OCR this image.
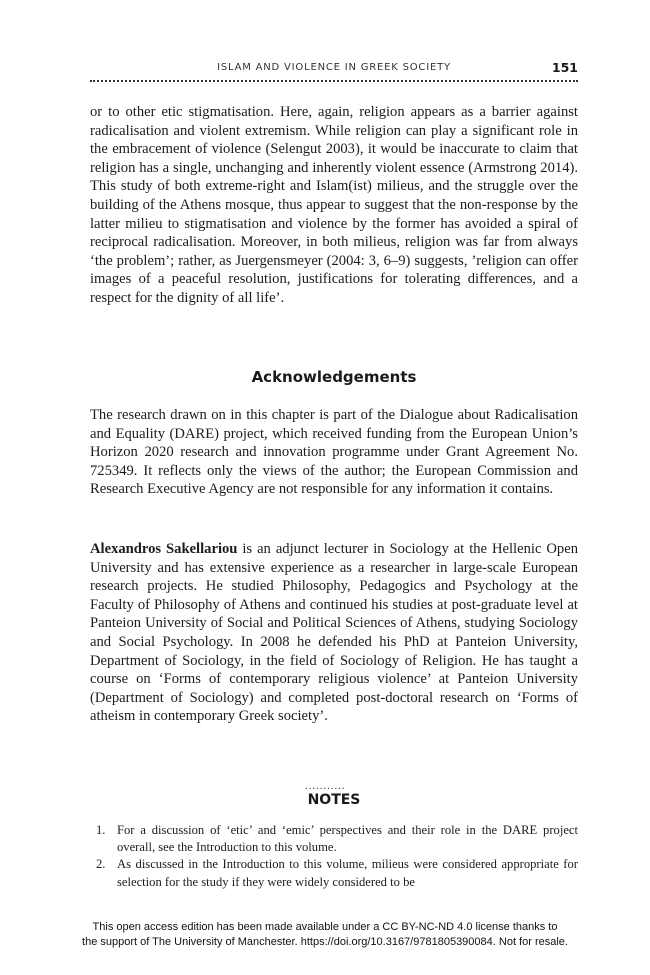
ISLAM AND VIOLENCE IN GREEK SOCIETY	151

or to other etic stigmatisation. Here, again, religion appears as a barrier against radicalisation and violent extremism. While religion can play a significant role in the embracement of violence (Selengut 2003), it would be inaccurate to claim that religion has a single, unchanging and inherently violent essence (Armstrong 2014). This study of both extreme-right and Islam(ist) milieus, and the struggle over the building of the Athens mosque, thus appear to suggest that the non-response by the latter milieu to stigmatisation and violence by the former has avoided a spiral of reciprocal radicalisation. Moreover, in both milieus, religion was far from always ‘the problem’; rather, as Juergensmeyer (2004: 3, 6–9) suggests, ’religion can offer images of a peaceful resolution, justifications for tolerating differences, and a respect for the dignity of all life’.

Acknowledgements

The research drawn on in this chapter is part of the Dialogue about Radicalisation and Equality (DARE) project, which received funding from the European Union’s Horizon 2020 research and innovation programme under Grant Agreement No. 725349. It reflects only the views of the author; the European Commission and Research Executive Agency are not responsible for any information it contains.

Alexandros Sakellariou is an adjunct lecturer in Sociology at the Hellenic Open University and has extensive experience as a researcher in large-scale European research projects. He studied Philosophy, Pedagogics and Psychology at the Faculty of Philosophy of Athens and continued his studies at post-graduate level at Panteion University of Social and Political Sciences of Athens, studying Sociology and Social Psychology. In 2008 he defended his PhD at Panteion University, Department of Sociology, in the field of Sociology of Religion. He has taught a course on ‘Forms of contemporary religious violence’ at Panteion University (Department of Sociology) and completed post-doctoral research on ‘Forms of atheism in contemporary Greek society’.

...........
NOTES
1. For a discussion of ‘etic’ and ‘emic’ perspectives and their role in the DARE project overall, see the Introduction to this volume.
2. As discussed in the Introduction to this volume, milieus were considered appropriate for selection for the study if they were widely considered to be
This open access edition has been made available under a CC BY-NC-ND 4.0 license thanks to
the support of The University of Manchester. https://doi.org/10.3167/9781805390084. Not for resale.
